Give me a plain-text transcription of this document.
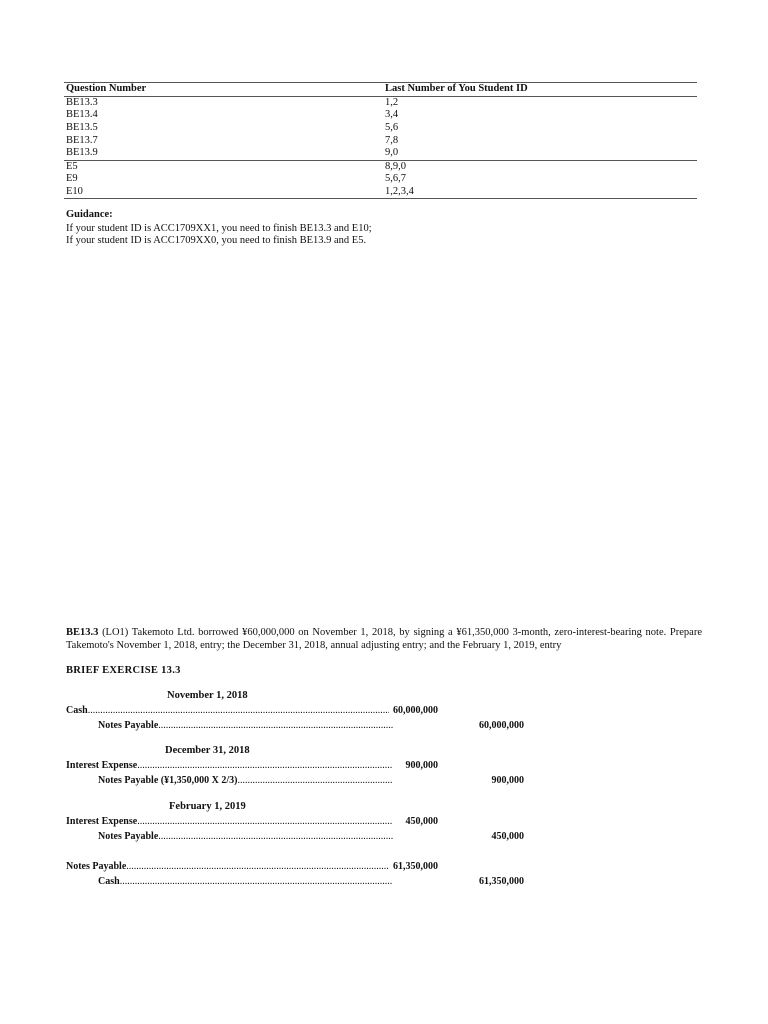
Question Number	Last Number of You Student ID
BE13.3	1,2
BE13.4	3,4
BE13.5	5,6
BE13.7	7,8
BE13.9	9,0
E5	8,9,0
E9	5,6,7
E10	1,2,3,4
Guidance:
If your student ID is ACC1709XX1, you need to finish BE13.3 and E10;
If your student ID is ACC1709XX0, you need to finish BE13.9 and E5.
BE13.3 (LO1) Takemoto Ltd. borrowed ¥60,000,000 on November 1, 2018, by signing a ¥61,350,000 3-month, zero-interest-bearing note. Prepare Takemoto's November 1, 2018, entry; the December 31, 2018, annual adjusting entry; and the February 1, 2019, entry
BRIEF EXERCISE 13.3
November 1, 2018
Cash .....	60,000,000
Notes Payable .....	60,000,000
December 31, 2018
Interest Expense .....	900,000
Notes Payable (¥1,350,000 X 2/3) .....	900,000
February 1, 2019
Interest Expense .....	450,000
Notes Payable .....	450,000
Notes Payable .....	61,350,000
Cash .....	61,350,000
